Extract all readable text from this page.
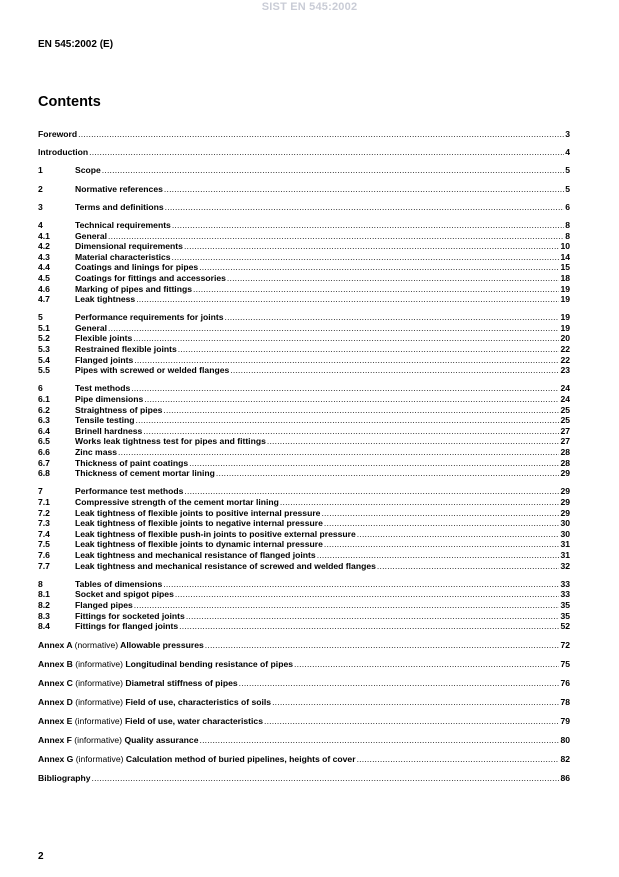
SIST EN 545:2002
EN 545:2002 (E)
Contents
Foreword .....	3
Introduction .....	4
1	Scope .....	5
2	Normative references .....	5
3	Terms and definitions .....	6
4	Technical requirements .....	8
4.1	General .....	8
4.2	Dimensional requirements .....	10
4.3	Material characteristics .....	14
4.4	Coatings and linings for pipes .....	15
4.5	Coatings for fittings and accessories .....	18
4.6	Marking of pipes and fittings .....	19
4.7	Leak tightness .....	19
5	Performance requirements for joints .....	19
5.1	General .....	19
5.2	Flexible joints .....	20
5.3	Restrained flexible joints .....	22
5.4	Flanged joints .....	22
5.5	Pipes with screwed or welded flanges .....	23
6	Test methods .....	24
6.1	Pipe dimensions .....	24
6.2	Straightness of pipes .....	25
6.3	Tensile testing .....	25
6.4	Brinell hardness .....	27
6.5	Works leak tightness test for pipes and fittings .....	27
6.6	Zinc mass .....	28
6.7	Thickness of paint coatings .....	28
6.8	Thickness of cement mortar lining .....	29
7	Performance test methods .....	29
7.1	Compressive strength of the cement mortar lining .....	29
7.2	Leak tightness of flexible joints to positive internal pressure .....	29
7.3	Leak tightness of flexible joints to negative internal pressure .....	30
7.4	Leak tightness of flexible push-in joints to positive external pressure .....	30
7.5	Leak tightness of flexible joints to dynamic internal pressure .....	31
7.6	Leak tightness and mechanical resistance of flanged joints .....	31
7.7	Leak tightness and mechanical resistance of screwed and welded flanges .....	32
8	Tables of dimensions .....	33
8.1	Socket and spigot pipes .....	33
8.2	Flanged pipes .....	35
8.3	Fittings for socketed joints .....	35
8.4	Fittings for flanged joints .....	52
Annex A (normative) Allowable pressures .....	72
Annex B (informative) Longitudinal bending resistance of pipes .....	75
Annex C (informative) Diametral stiffness of pipes .....	76
Annex D (informative) Field of use, characteristics of soils .....	78
Annex E (informative) Field of use, water characteristics .....	79
Annex F (informative) Quality assurance .....	80
Annex G (informative) Calculation method of buried pipelines, heights of cover .....	82
Bibliography .....	86
2
